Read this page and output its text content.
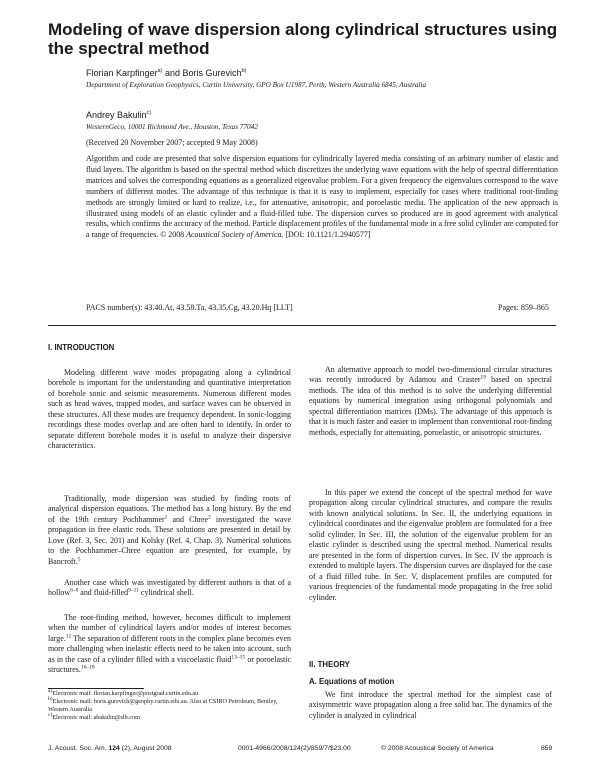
Modeling of wave dispersion along cylindrical structures using the spectral method
Florian Karpfinger$^{a)}$ and Boris Gurevich$^{b)}$
Department of Exploration Geophysics, Curtin University, GPO Box U1987, Perth, Western Australia 6845, Australia
Andrey Bakulin$^{c)}$
WesternGeco, 10001 Richmond Ave., Houston, Texas 77042
(Received 20 November 2007; accepted 9 May 2008)

Algorithm and code are presented that solve dispersion equations for cylindrically layered media consisting of an arbitrary number of elastic and fluid layers. The algorithm is based on the spectral method which discretizes the underlying wave equations with the help of spectral differentiation matrices and solves the corresponding equations as a generalized eigenvalue problem. For a given frequency the eigenvalues correspond to the wave numbers of different modes. The advantage of this technique is that it is easy to implement, especially for cases where traditional root-finding methods are strongly limited or hard to realize, i.e., for attenuative, anisotropic, and poroelastic media. The application of the new approach is illustrated using models of an elastic cylinder and a fluid-filled tube. The dispersion curves so produced are in good agreement with analytical results, which confirms the accuracy of the method. Particle displacement profiles of the fundamental mode in a free solid cylinder are computed for a range of frequencies. © 2008 Acoustical Society of America. [DOI: 10.1121/1.2940577]

PACS number(s): 43.40.At, 43.58.Ta, 43.35.Cg, 43.20.Hq [LLT]	Pages: 859–865
I. INTRODUCTION

Modeling different wave modes propagating along a cylindrical borehole is important for the understanding and quantitative interpretation of borehole sonic and seismic measurements. Numerous different modes such as head waves, trapped modes, and surface waves can be observed in these structures. All these modes are frequency dependent. In sonic-logging recordings these modes overlap and are often hard to identify. In order to separate different borehole modes it is useful to analyze their dispersive characteristics.

Traditionally, mode dispersion was studied by finding roots of analytical dispersion equations. The method has a long history. By the end of the 19th century Pochhammer$^1$ and Chree$^2$ investigated the wave propagation in free elastic rods. These solutions are presented in detail by Love (Ref. 3, Sec. 201) and Kolsky (Ref. 4, Chap. 3). Numerical solutions to the Pochhammer–Chree equation are presented, for example, by Bancroft.$^5$

Another case which was investigated by different authors is that of a hollow$^{6-8}$ and fluid-filled$^{9-11}$ cylindrical shell.

The root-finding method, however, becomes difficult to implement when the number of cylindrical layers and/or modes of interest becomes large.$^{12}$ The separation of different roots in the complex plane becomes even more challenging when inelastic effects need to be taken into account, such as in the case of a cylinder filled with a viscoelastic fluid$^{13-15}$ or poroelastic structures.$^{16-18}$

An alternative approach to model two-dimensional circular structures was recently introduced by Adamou and Craster$^{19}$ based on spectral methods. The idea of this method is to solve the underlying differential equations by numerical integration using orthogonal polynomials and spectral differentiation matrices (DMs). The advantage of this approach is that it is much faster and easier to implement than conventional root-finding methods, especially for attenuating, poroelastic, or anisotropic structures.

In this paper we extend the concept of the spectral method for wave propagation along circular cylindrical structures, and compare the results with known analytical solutions. In Sec. II, the underlying equations in cylindrical coordinates and the eigenvalue problem are formulated for a free solid cylinder. In Sec. III, the solution of the eigenvalue problem for an elastic cylinder is described using the spectral method. Numerical results are presented in the form of dispersion curves. In Sec. IV the approach is extended to multiple layers. The dispersion curves are displayed for the case of a fluid filled tube. In Sec. V, displacement profiles are computed for various frequencies of the fundamental mode propagating in the free solid cylinder.

II. THEORY
A. Equations of motion

We first introduce the spectral method for the simplest case of axisymmetric wave propagation along a free solid bar. The dynamics of the cylinder is analyzed in cylindrical

$^{a)}$Electronic mail: florian.karpfinger@postgrad.curtin.edu.au

$^{b)}$Electronic mail: boris.gurevich@geophy.curtin.edu.au. Also at CSIRO Petroleum, Bentley, Western Australia

$^{c)}$Electronic mail: abakulin@slb.com

J. Acoust. Soc. Am. 124 (2), August 2008	0001-4966/2008/124(2)/859/7/$23.00	© 2008 Acoustical Society of America	859
